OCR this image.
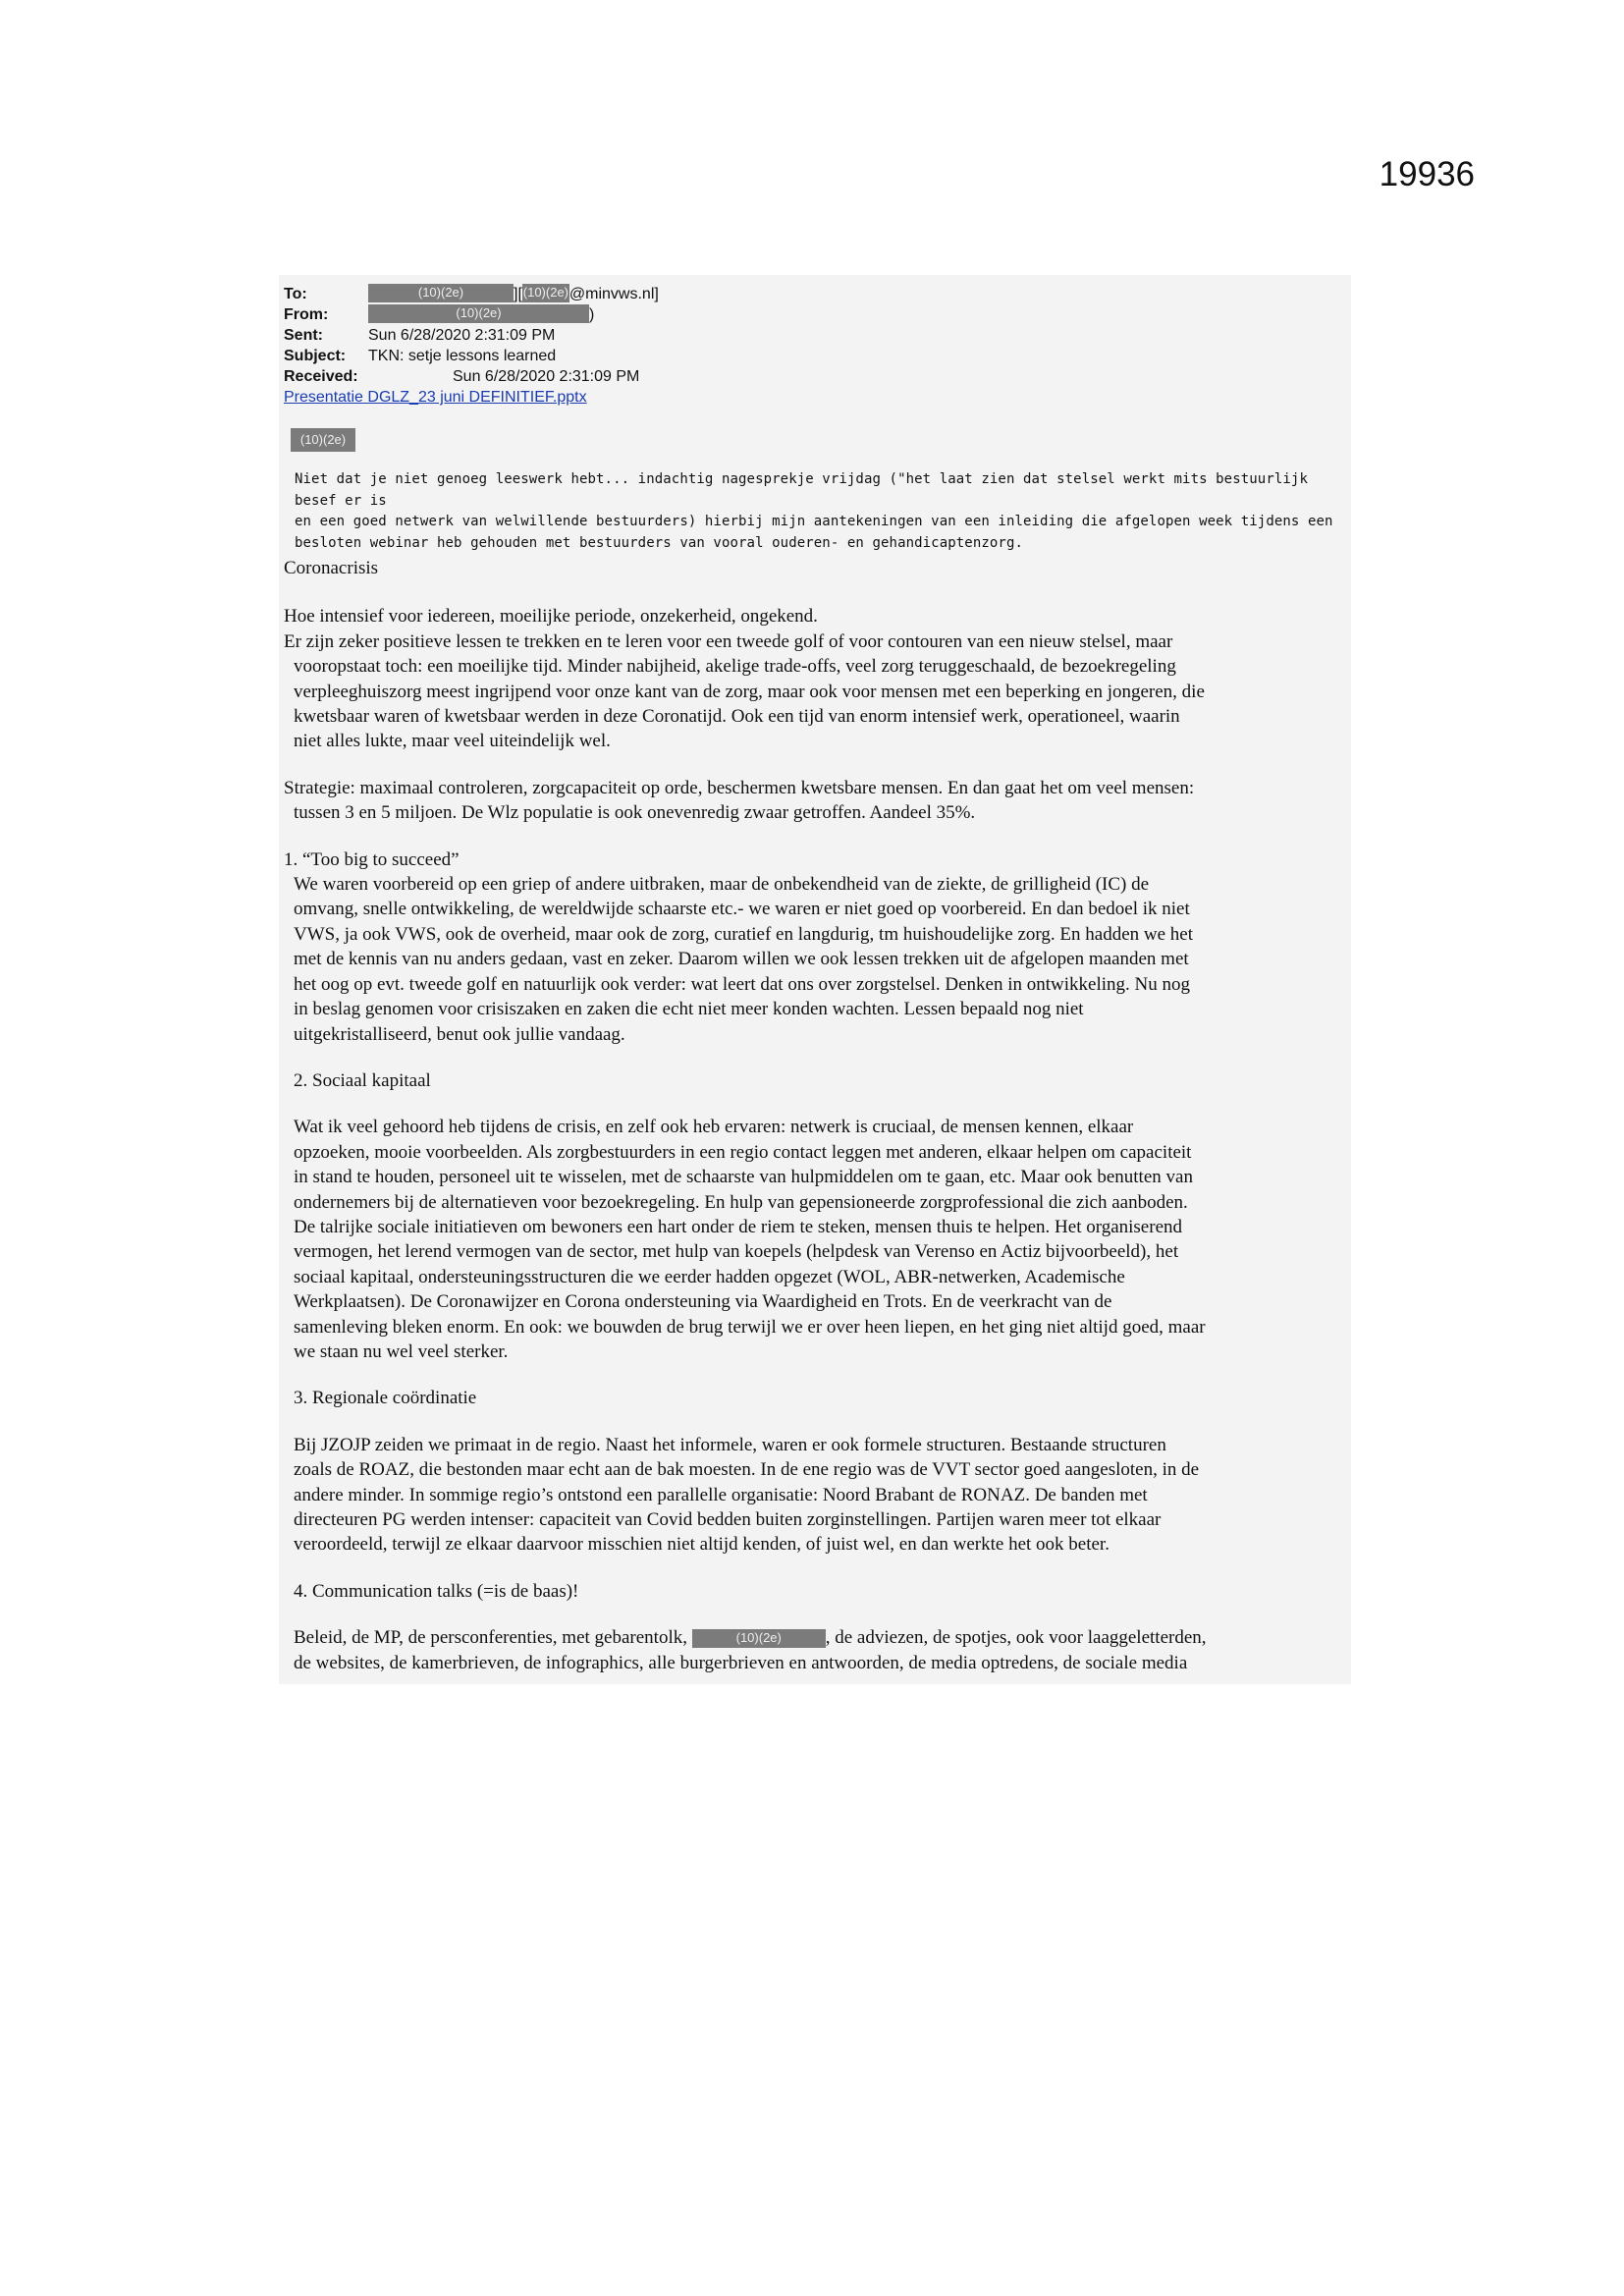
19936
To:	(10)(2e)	][ (10)(2e) @minvws.nl]
From:	(10)(2e)	)
Sent:	Sun 6/28/2020 2:31:09 PM
Subject:	TKN: setje lessons learned
Received:	Sun 6/28/2020 2:31:09 PM
Presentatie DGLZ_23 juni DEFINITIEF.pptx
(10)(2e)
Niet dat je niet genoeg leeswerk hebt... indachtig nagesprekje vrijdag ("het laat zien dat stelsel werkt mits bestuurlijk besef er is
en een goed netwerk van welwillende bestuurders) hierbij mijn aantekeningen van een inleiding die afgelopen week tijdens een
besloten webinar heb gehouden met bestuurders van vooral ouderen- en gehandicaptenzorg.

Coronacrisis

Hoe intensief voor iedereen, moeilijke periode, onzekerheid, ongekend.

Er zijn zeker positieve lessen te trekken en te leren voor een tweede golf of voor contouren van een nieuw stelsel, maar

vooropstaat toch: een moeilijke tijd. Minder nabijheid, akelige trade-offs, veel zorg teruggeschaald, de bezoekregeling

verpleeghuiszorg meest ingrijpend voor onze kant van de zorg, maar ook voor mensen met een beperking en jongeren, die

kwetsbaar waren of kwetsbaar werden in deze Coronatijd. Ook een tijd van enorm intensief werk, operationeel, waarin

niet alles lukte, maar veel uiteindelijk wel.

Strategie: maximaal controleren, zorgcapaciteit op orde, beschermen kwetsbare mensen. En dan gaat het om veel mensen:

tussen 3 en 5 miljoen. De Wlz populatie is ook onevenredig zwaar getroffen. Aandeel 35%.

1. “Too big to succeed”

We waren voorbereid op een griep of andere uitbraken, maar de onbekendheid van de ziekte, de grilligheid (IC) de

omvang, snelle ontwikkeling, de wereldwijde schaarste etc.- we waren er niet goed op voorbereid. En dan bedoel ik niet

VWS, ja ook VWS, ook de overheid, maar ook de zorg, curatief en langdurig, tm huishoudelijke zorg. En hadden we het

met de kennis van nu anders gedaan, vast en zeker. Daarom willen we ook lessen trekken uit de afgelopen maanden met

het oog op evt. tweede golf en natuurlijk ook verder: wat leert dat ons over zorgstelsel. Denken in ontwikkeling. Nu nog

in beslag genomen voor crisiszaken en zaken die echt niet meer konden wachten. Lessen bepaald nog niet

uitgekristalliseerd, benut ook jullie vandaag.

2. Sociaal kapitaal

Wat ik veel gehoord heb tijdens de crisis, en zelf ook heb ervaren: netwerk is cruciaal, de mensen kennen, elkaar

opzoeken, mooie voorbeelden. Als zorgbestuurders in een regio contact leggen met anderen, elkaar helpen om capaciteit

in stand te houden, personeel uit te wisselen, met de schaarste van hulpmiddelen om te gaan, etc. Maar ook benutten van

ondernemers bij de alternatieven voor bezoekregeling. En hulp van gepensioneerde zorgprofessional die zich aanboden.

De talrijke sociale initiatieven om bewoners een hart onder de riem te steken, mensen thuis te helpen. Het organiserend

vermogen, het lerend vermogen van de sector, met hulp van koepels (helpdesk van Verenso en Actiz bijvoorbeeld), het

sociaal kapitaal, ondersteuningsstructuren die we eerder hadden opgezet (WOL, ABR-netwerken, Academische

Werkplaatsen). De Coronawijzer en Corona ondersteuning via Waardigheid en Trots. En de veerkracht van de

samenleving bleken enorm. En ook: we bouwden de brug terwijl we er over heen liepen, en het ging niet altijd goed, maar

we staan nu wel veel sterker.

3. Regionale coördinatie

Bij JZOJP zeiden we primaat in de regio. Naast het informele, waren er ook formele structuren. Bestaande structuren

zoals de ROAZ, die bestonden maar echt aan de bak moesten. In de ene regio was de VVT sector goed aangesloten, in de

andere minder. In sommige regio’s ontstond een parallelle organisatie: Noord Brabant de RONAZ. De banden met

directeuren PG werden intenser: capaciteit van Covid bedden buiten zorginstellingen. Partijen waren meer tot elkaar

veroordeeld, terwijl ze elkaar daarvoor misschien niet altijd kenden, of juist wel, en dan werkte het ook beter.

4. Communication talks (=is de baas)!

Beleid, de MP, de persconferenties, met gebarentolk,	(10)(2e) , de adviezen, de spotjes, ook voor laaggeletterden,

de websites, de kamerbrieven, de infographics, alle burgerbrieven en antwoorden, de media optredens, de sociale media
